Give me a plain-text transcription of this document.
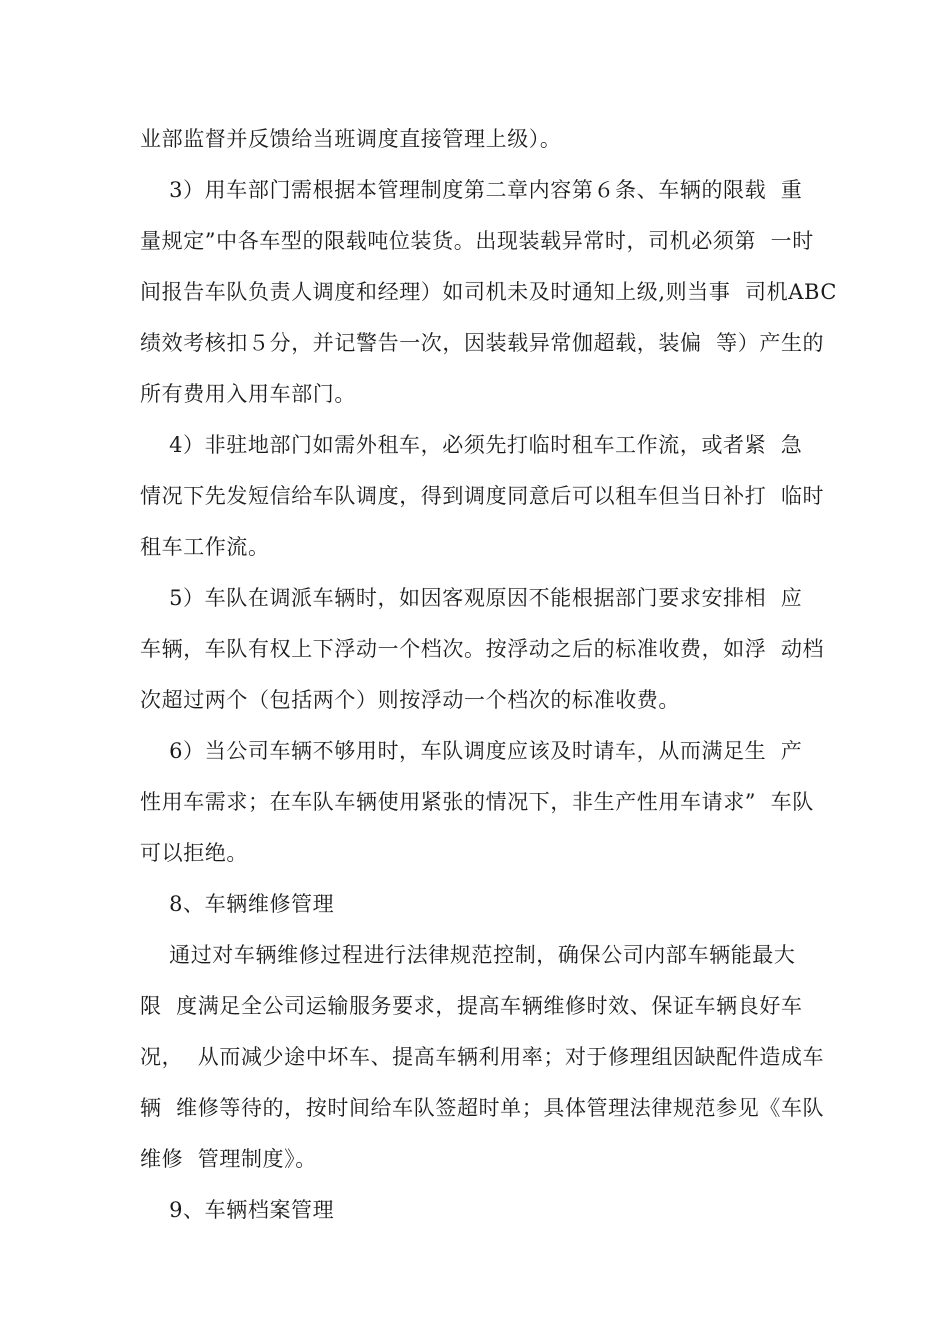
业部监督并反馈给当班调度直接管理上级）。
3）用车部门需根据本管理制度第二章内容第６条、车辆的限载  重
量规定”中各车型的限载吨位装货。出现装载异常时，司机必须第  一时
间报告车队负责人调度和经理）如司机未及时通知上级,则当事  司机ABC
绩效考核扣５分，并记警告一次，因装载异常伽超载，装偏  等）产生的
所有费用入用车部门。
4）非驻地部门如需外租车，必须先打临时租车工作流，或者紧  急
情况下先发短信给车队调度，得到调度同意后可以租车但当日补打  临时
租车工作流。
5）车队在调派车辆时，如因客观原因不能根据部门要求安排相  应
车辆，车队有权上下浮动一个档次。按浮动之后的标准收费，如浮  动档
次超过两个（包括两个）则按浮动一个档次的标准收费。
6）当公司车辆不够用时，车队调度应该及时请车，从而满足生  产
性用车需求；在车队车辆使用紧张的情况下，非生产性用车请求”  车队
可以拒绝。
8、车辆维修管理
通过对车辆维修过程进行法律规范控制，确保公司内部车辆能最大
限  度满足全公司运输服务要求，提高车辆维修时效、保证车辆良好车
况，  从而减少途中坏车、提高车辆利用率；对于修理组因缺配件造成车
辆  维修等待的，按时间给车队签超时单；具体管理法律规范参见《车队
维修  管理制度》。
9、车辆档案管理
